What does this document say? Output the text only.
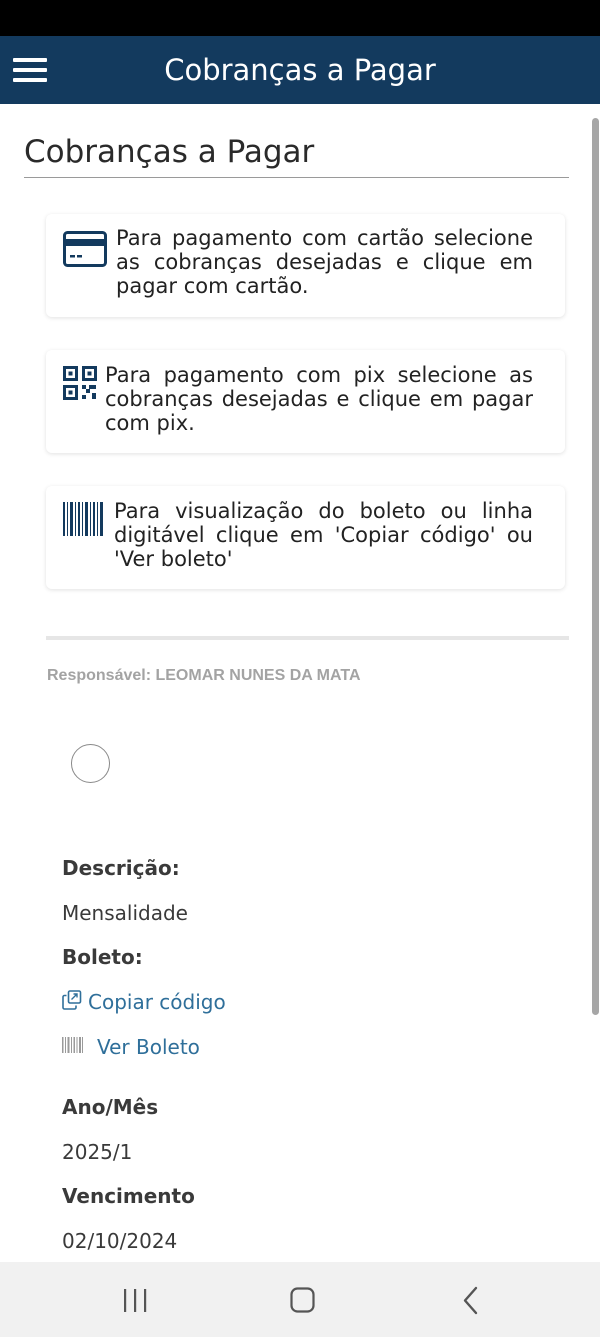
Cobranças a Pagar
Cobranças a Pagar

Para pagamento com cartão selecione as cobranças desejadas e clique em pagar com cartão.

Para pagamento com pix selecione as cobranças desejadas e clique em pagar com pix.

Para visualização do boleto ou linha digitável clique em 'Copiar código' ou 'Ver boleto'

Responsável: LEOMAR NUNES DA MATA
Descrição:
Mensalidade
Boleto:
Copiar código
Ver Boleto
Ano/Mês
2025/1
Vencimento
02/10/2024
